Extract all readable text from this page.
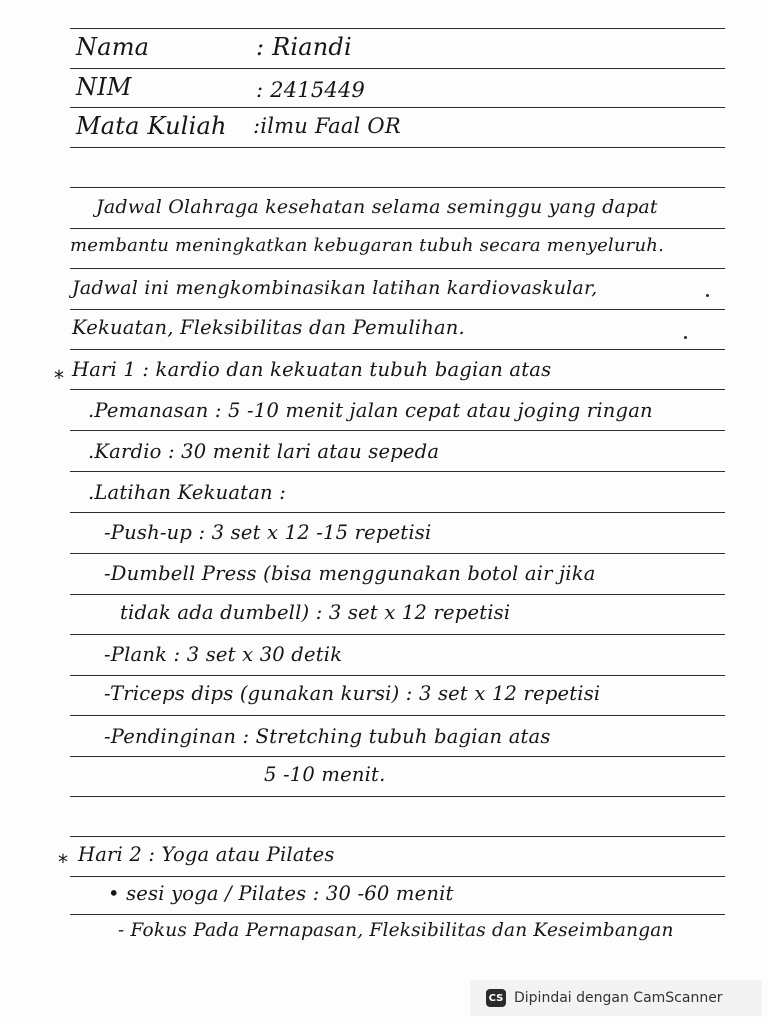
Nama	: Riandi
NIM	: 2415449
Mata Kuliah :ilmu Faal OR
Jadwal Olahraga kesehatan selama seminggu yang dapat
membantu meningkatkan kebugaran tubuh secara menyeluruh.
Jadwal ini mengkombinasikan latihan kardiovaskular,
Kekuatan, Fleksibilitas dan Pemulihan.
* Hari 1 : kardio dan kekuatan tubuh bagian atas
.Pemanasan : 5 -10 menit jalan cepat atau joging ringan
.Kardio : 30 menit lari atau sepeda
.Latihan Kekuatan :
-Push-up : 3 set x 12 -15 repetisi
-Dumbell Press (bisa menggunakan botol air jika
tidak ada dumbell) : 3 set x 12 repetisi
-Plank : 3 set x 30 detik
-Triceps dips (gunakan kursi) : 3 set x 12 repetisi
-Pendinginan : Stretching tubuh bagian atas
5 -10 menit.
* Hari 2 : Yoga atau Pilates
• sesi yoga / Pilates : 30 -60 menit
- Fokus Pada Pernapasan, Fleksibilitas dan Keseimbangan
CS Dipindai dengan CamScanner
